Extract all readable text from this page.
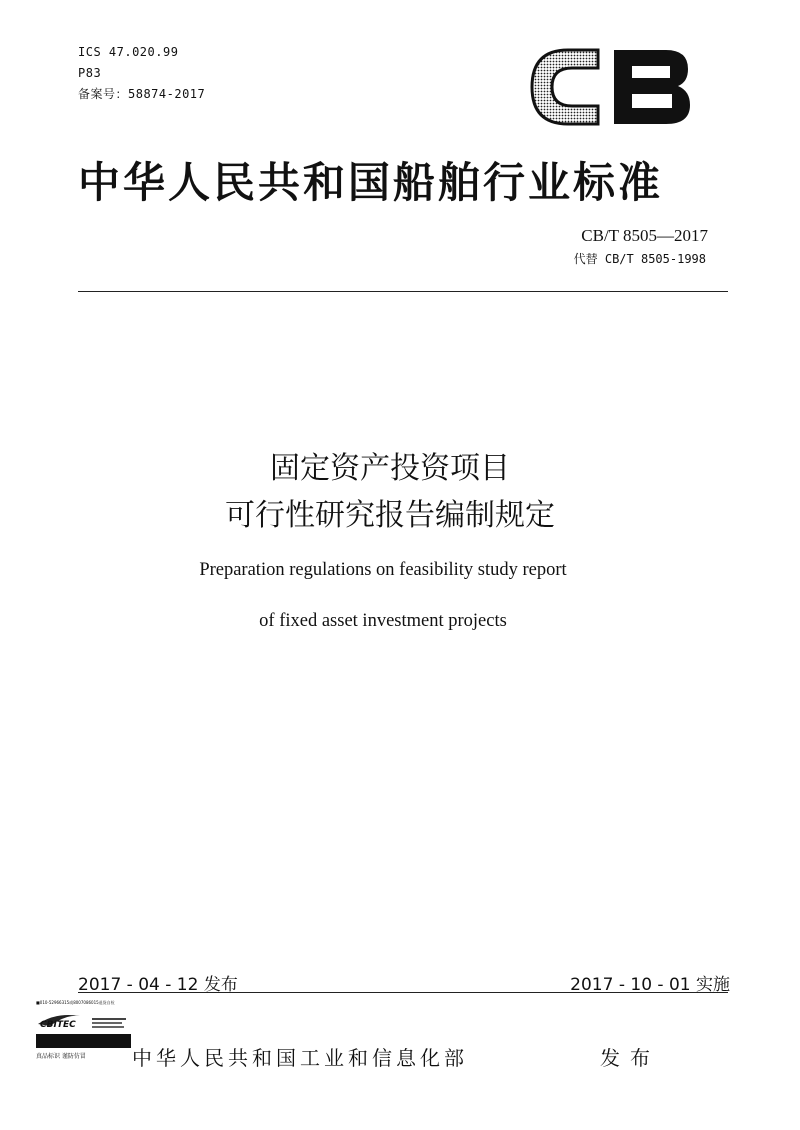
ICS 47.020.99
P83
备案号：58874-2017
中华人民共和国船舶行业标准
CB/T 8505—2017
代替 CB/T 8505-1998
固定资产投资项目
可行性研究报告编制规定
Preparation regulations on feasibility study report
of fixed asset investment projects
2017 - 04 - 12 发布	2017 - 10 - 01 实施
■010-52966315或8007086015退货自检
CBITEC
真品标识 谨防仿冒 中华人民共和国工业和信息化部	发布
